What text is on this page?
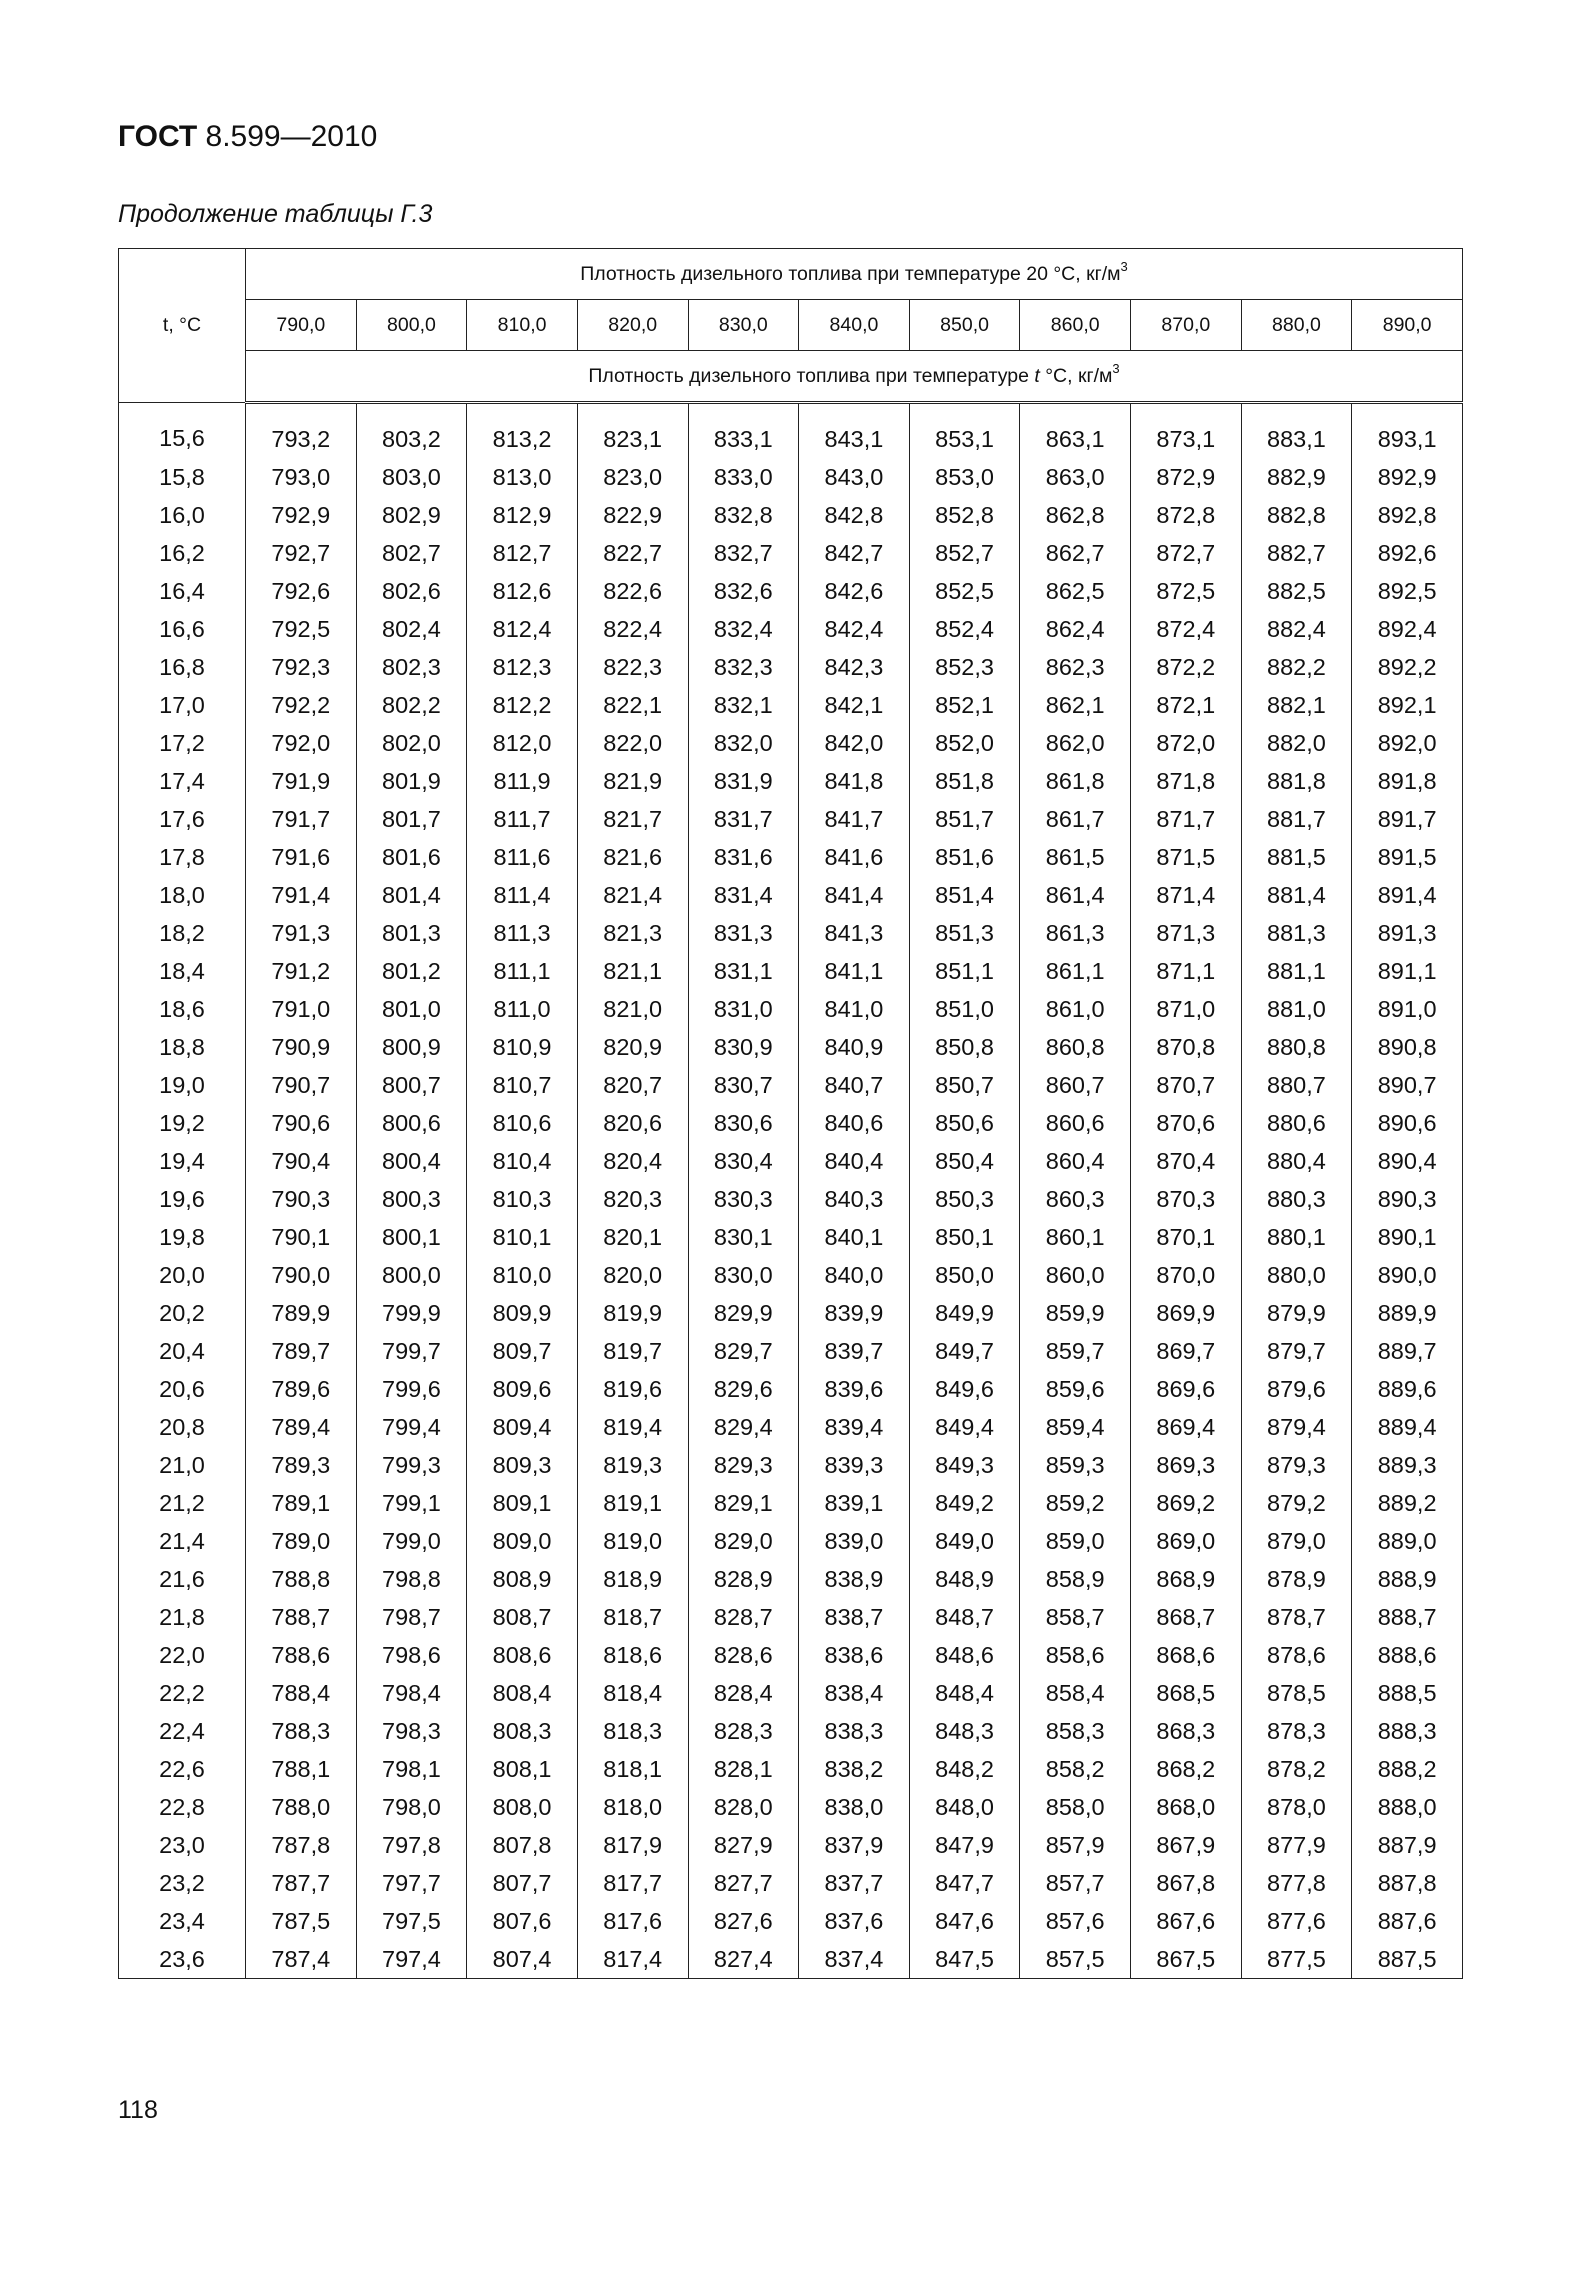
ГОСТ 8.599—2010
Продолжение таблицы Г.3
t, °С	Плотность дизельного топлива при температуре 20 °С, $кг/м^3$
	790,0	800,0	810,0	820,0	830,0	840,0	850,0	860,0	870,0	880,0	890,0
	Плотность дизельного топлива при температуре t °С, $кг/м^3$
15,6	793,2	803,2	813,2	823,1	833,1	843,1	853,1	863,1	873,1	883,1	893,1
15,8	793,0	803,0	813,0	823,0	833,0	843,0	853,0	863,0	872,9	882,9	892,9
16,0	792,9	802,9	812,9	822,9	832,8	842,8	852,8	862,8	872,8	882,8	892,8
16,2	792,7	802,7	812,7	822,7	832,7	842,7	852,7	862,7	872,7	882,7	892,6
16,4	792,6	802,6	812,6	822,6	832,6	842,6	852,5	862,5	872,5	882,5	892,5
16,6	792,5	802,4	812,4	822,4	832,4	842,4	852,4	862,4	872,4	882,4	892,4
16,8	792,3	802,3	812,3	822,3	832,3	842,3	852,3	862,3	872,2	882,2	892,2
17,0	792,2	802,2	812,2	822,1	832,1	842,1	852,1	862,1	872,1	882,1	892,1
17,2	792,0	802,0	812,0	822,0	832,0	842,0	852,0	862,0	872,0	882,0	892,0
17,4	791,9	801,9	811,9	821,9	831,9	841,8	851,8	861,8	871,8	881,8	891,8
17,6	791,7	801,7	811,7	821,7	831,7	841,7	851,7	861,7	871,7	881,7	891,7
17,8	791,6	801,6	811,6	821,6	831,6	841,6	851,6	861,5	871,5	881,5	891,5
18,0	791,4	801,4	811,4	821,4	831,4	841,4	851,4	861,4	871,4	881,4	891,4
18,2	791,3	801,3	811,3	821,3	831,3	841,3	851,3	861,3	871,3	881,3	891,3
18,4	791,2	801,2	811,1	821,1	831,1	841,1	851,1	861,1	871,1	881,1	891,1
18,6	791,0	801,0	811,0	821,0	831,0	841,0	851,0	861,0	871,0	881,0	891,0
18,8	790,9	800,9	810,9	820,9	830,9	840,9	850,8	860,8	870,8	880,8	890,8
19,0	790,7	800,7	810,7	820,7	830,7	840,7	850,7	860,7	870,7	880,7	890,7
19,2	790,6	800,6	810,6	820,6	830,6	840,6	850,6	860,6	870,6	880,6	890,6
19,4	790,4	800,4	810,4	820,4	830,4	840,4	850,4	860,4	870,4	880,4	890,4
19,6	790,3	800,3	810,3	820,3	830,3	840,3	850,3	860,3	870,3	880,3	890,3
19,8	790,1	800,1	810,1	820,1	830,1	840,1	850,1	860,1	870,1	880,1	890,1
20,0	790,0	800,0	810,0	820,0	830,0	840,0	850,0	860,0	870,0	880,0	890,0
20,2	789,9	799,9	809,9	819,9	829,9	839,9	849,9	859,9	869,9	879,9	889,9
20,4	789,7	799,7	809,7	819,7	829,7	839,7	849,7	859,7	869,7	879,7	889,7
20,6	789,6	799,6	809,6	819,6	829,6	839,6	849,6	859,6	869,6	879,6	889,6
20,8	789,4	799,4	809,4	819,4	829,4	839,4	849,4	859,4	869,4	879,4	889,4
21,0	789,3	799,3	809,3	819,3	829,3	839,3	849,3	859,3	869,3	879,3	889,3
21,2	789,1	799,1	809,1	819,1	829,1	839,1	849,2	859,2	869,2	879,2	889,2
21,4	789,0	799,0	809,0	819,0	829,0	839,0	849,0	859,0	869,0	879,0	889,0
21,6	788,8	798,8	808,9	818,9	828,9	838,9	848,9	858,9	868,9	878,9	888,9
21,8	788,7	798,7	808,7	818,7	828,7	838,7	848,7	858,7	868,7	878,7	888,7
22,0	788,6	798,6	808,6	818,6	828,6	838,6	848,6	858,6	868,6	878,6	888,6
22,2	788,4	798,4	808,4	818,4	828,4	838,4	848,4	858,4	868,5	878,5	888,5
22,4	788,3	798,3	808,3	818,3	828,3	838,3	848,3	858,3	868,3	878,3	888,3
22,6	788,1	798,1	808,1	818,1	828,1	838,2	848,2	858,2	868,2	878,2	888,2
22,8	788,0	798,0	808,0	818,0	828,0	838,0	848,0	858,0	868,0	878,0	888,0
23,0	787,8	797,8	807,8	817,9	827,9	837,9	847,9	857,9	867,9	877,9	887,9
23,2	787,7	797,7	807,7	817,7	827,7	837,7	847,7	857,7	867,8	877,8	887,8
23,4	787,5	797,5	807,6	817,6	827,6	837,6	847,6	857,6	867,6	877,6	887,6
23,6	787,4	797,4	807,4	817,4	827,4	837,4	847,5	857,5	867,5	877,5	887,5
118
